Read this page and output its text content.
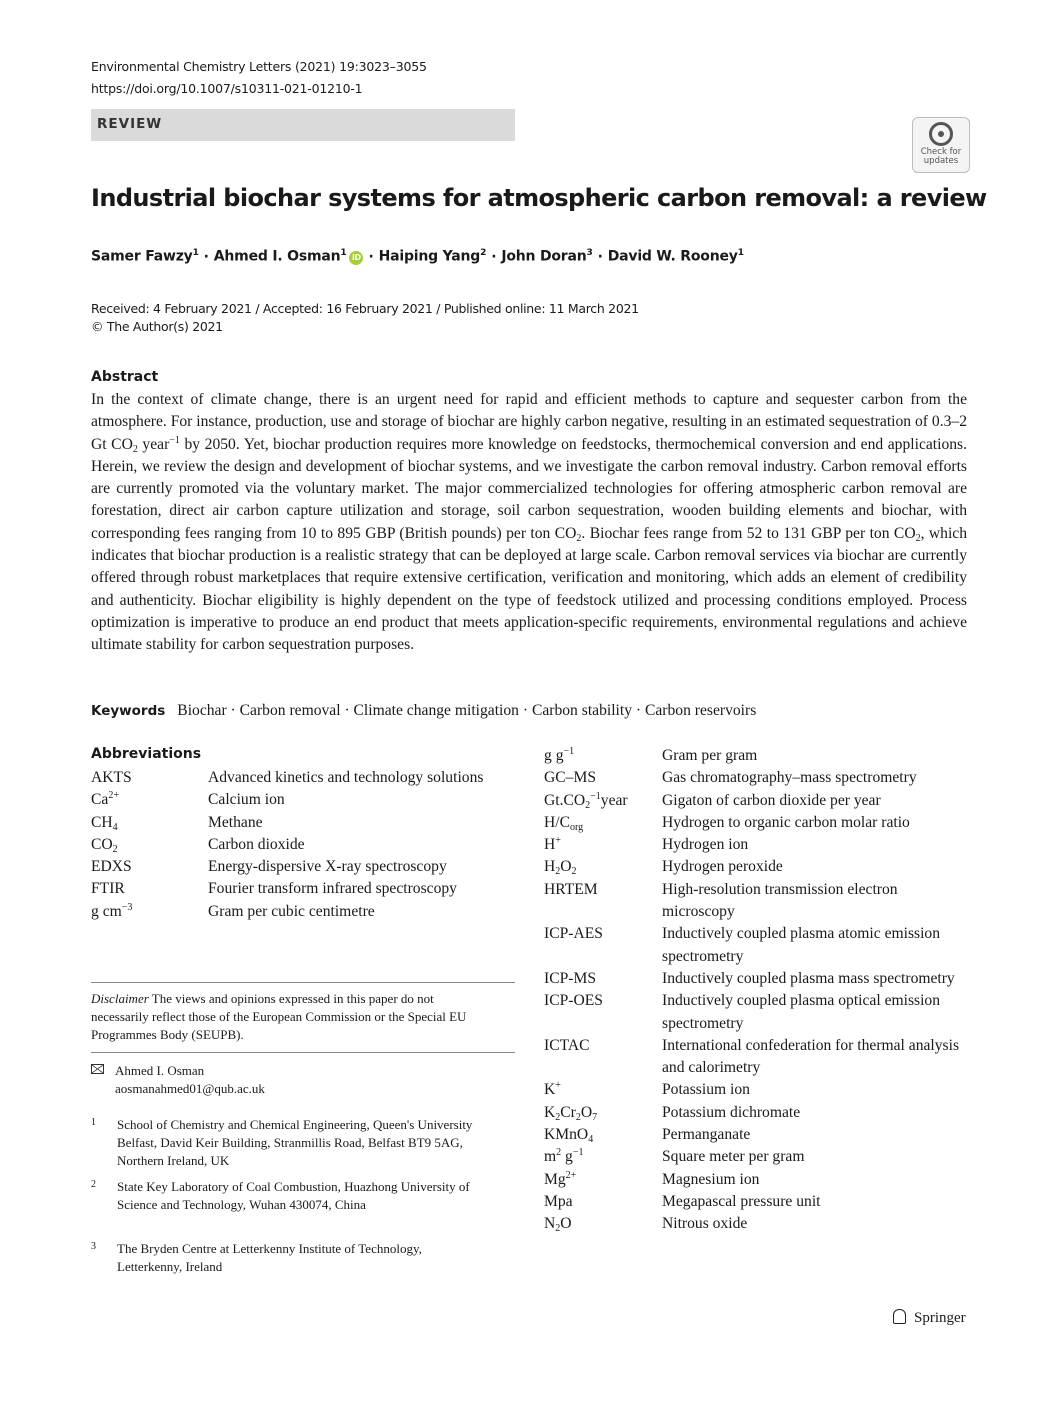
Environmental Chemistry Letters (2021) 19:3023–3055
https://doi.org/10.1007/s10311-021-01210-1
REVIEW
Check for updates
Industrial biochar systems for atmospheric carbon removal: a review
Samer Fawzy$^1$ · Ahmed I. Osman$^1$ iD · Haiping Yang$^2$ · John Doran$^3$ · David W. Rooney$^1$
Received: 4 February 2021 / Accepted: 16 February 2021 / Published online: 11 March 2021
© The Author(s) 2021
Abstract
In the context of climate change, there is an urgent need for rapid and efficient methods to capture and sequester carbon from the atmosphere. For instance, production, use and storage of biochar are highly carbon negative, resulting in an estimated sequestration of 0.3–2 Gt $CO_2$ year$^{-1}$ by 2050. Yet, biochar production requires more knowledge on feedstocks, thermochemical conversion and end applications. Herein, we review the design and development of biochar systems, and we investigate the carbon removal industry. Carbon removal efforts are currently promoted via the voluntary market. The major commercialized technologies for offering atmospheric carbon removal are forestation, direct air carbon capture utilization and storage, soil carbon sequestration, wooden building elements and biochar, with corresponding fees ranging from 10 to 895 GBP (British pounds) per ton $CO_2$. Biochar fees range from 52 to 131 GBP per ton $CO_2$, which indicates that biochar production is a realistic strategy that can be deployed at large scale. Carbon removal services via biochar are currently offered through robust marketplaces that require extensive certification, verification and monitoring, which adds an element of credibility and authenticity. Biochar eligibility is highly dependent on the type of feedstock utilized and processing conditions employed. Process optimization is imperative to produce an end product that meets application-specific requirements, environmental regulations and achieve ultimate stability for carbon sequestration purposes.
Keywords Biochar · Carbon removal · Climate change mitigation · Carbon stability · Carbon reservoirs
Abbreviations
AKTS	Advanced kinetics and technology solutions
$Ca^{2+}$	Calcium ion
$CH_4$	Methane
$CO_2$	Carbon dioxide
EDXS	Energy-dispersive X-ray spectroscopy
FTIR	Fourier transform infrared spectroscopy
g $cm^{-3}$	Gram per cubic centimetre
g $g^{-1}$	Gram per gram
GC–MS	Gas chromatography–mass spectrometry
$Gt.CO_2^{-1}year$	Gigaton of carbon dioxide per year
$H/C_{org}$	Hydrogen to organic carbon molar ratio
H+	Hydrogen ion
$H_2O_2$	Hydrogen peroxide
HRTEM	High-resolution transmission electron microscopy
ICP-AES	Inductively coupled plasma atomic emission spectrometry
ICP-MS	Inductively coupled plasma mass spectrometry
ICP-OES	Inductively coupled plasma optical emission spectrometry
ICTAC	International confederation for thermal analysis and calorimetry
K+	Potassium ion
$K_2Cr_2O_7$	Potassium dichromate
KMnO$_4$	Permanganate
$m^2$ $g^{-1}$	Square meter per gram
$Mg^{2+}$	Magnesium ion
Mpa	Megapascal pressure unit
$N_2O$	Nitrous oxide
Disclaimer The views and opinions expressed in this paper do not necessarily reflect those of the European Commission or the Special EU Programmes Body (SEUPB).
Ahmed I. Osman
aosmanahmed01@qub.ac.uk
1 School of Chemistry and Chemical Engineering, Queen's University Belfast, David Keir Building, Stranmillis Road, Belfast BT9 5AG, Northern Ireland, UK
2 State Key Laboratory of Coal Combustion, Huazhong University of Science and Technology, Wuhan 430074, China
3 The Bryden Centre at Letterkenny Institute of Technology, Letterkenny, Ireland
Springer
